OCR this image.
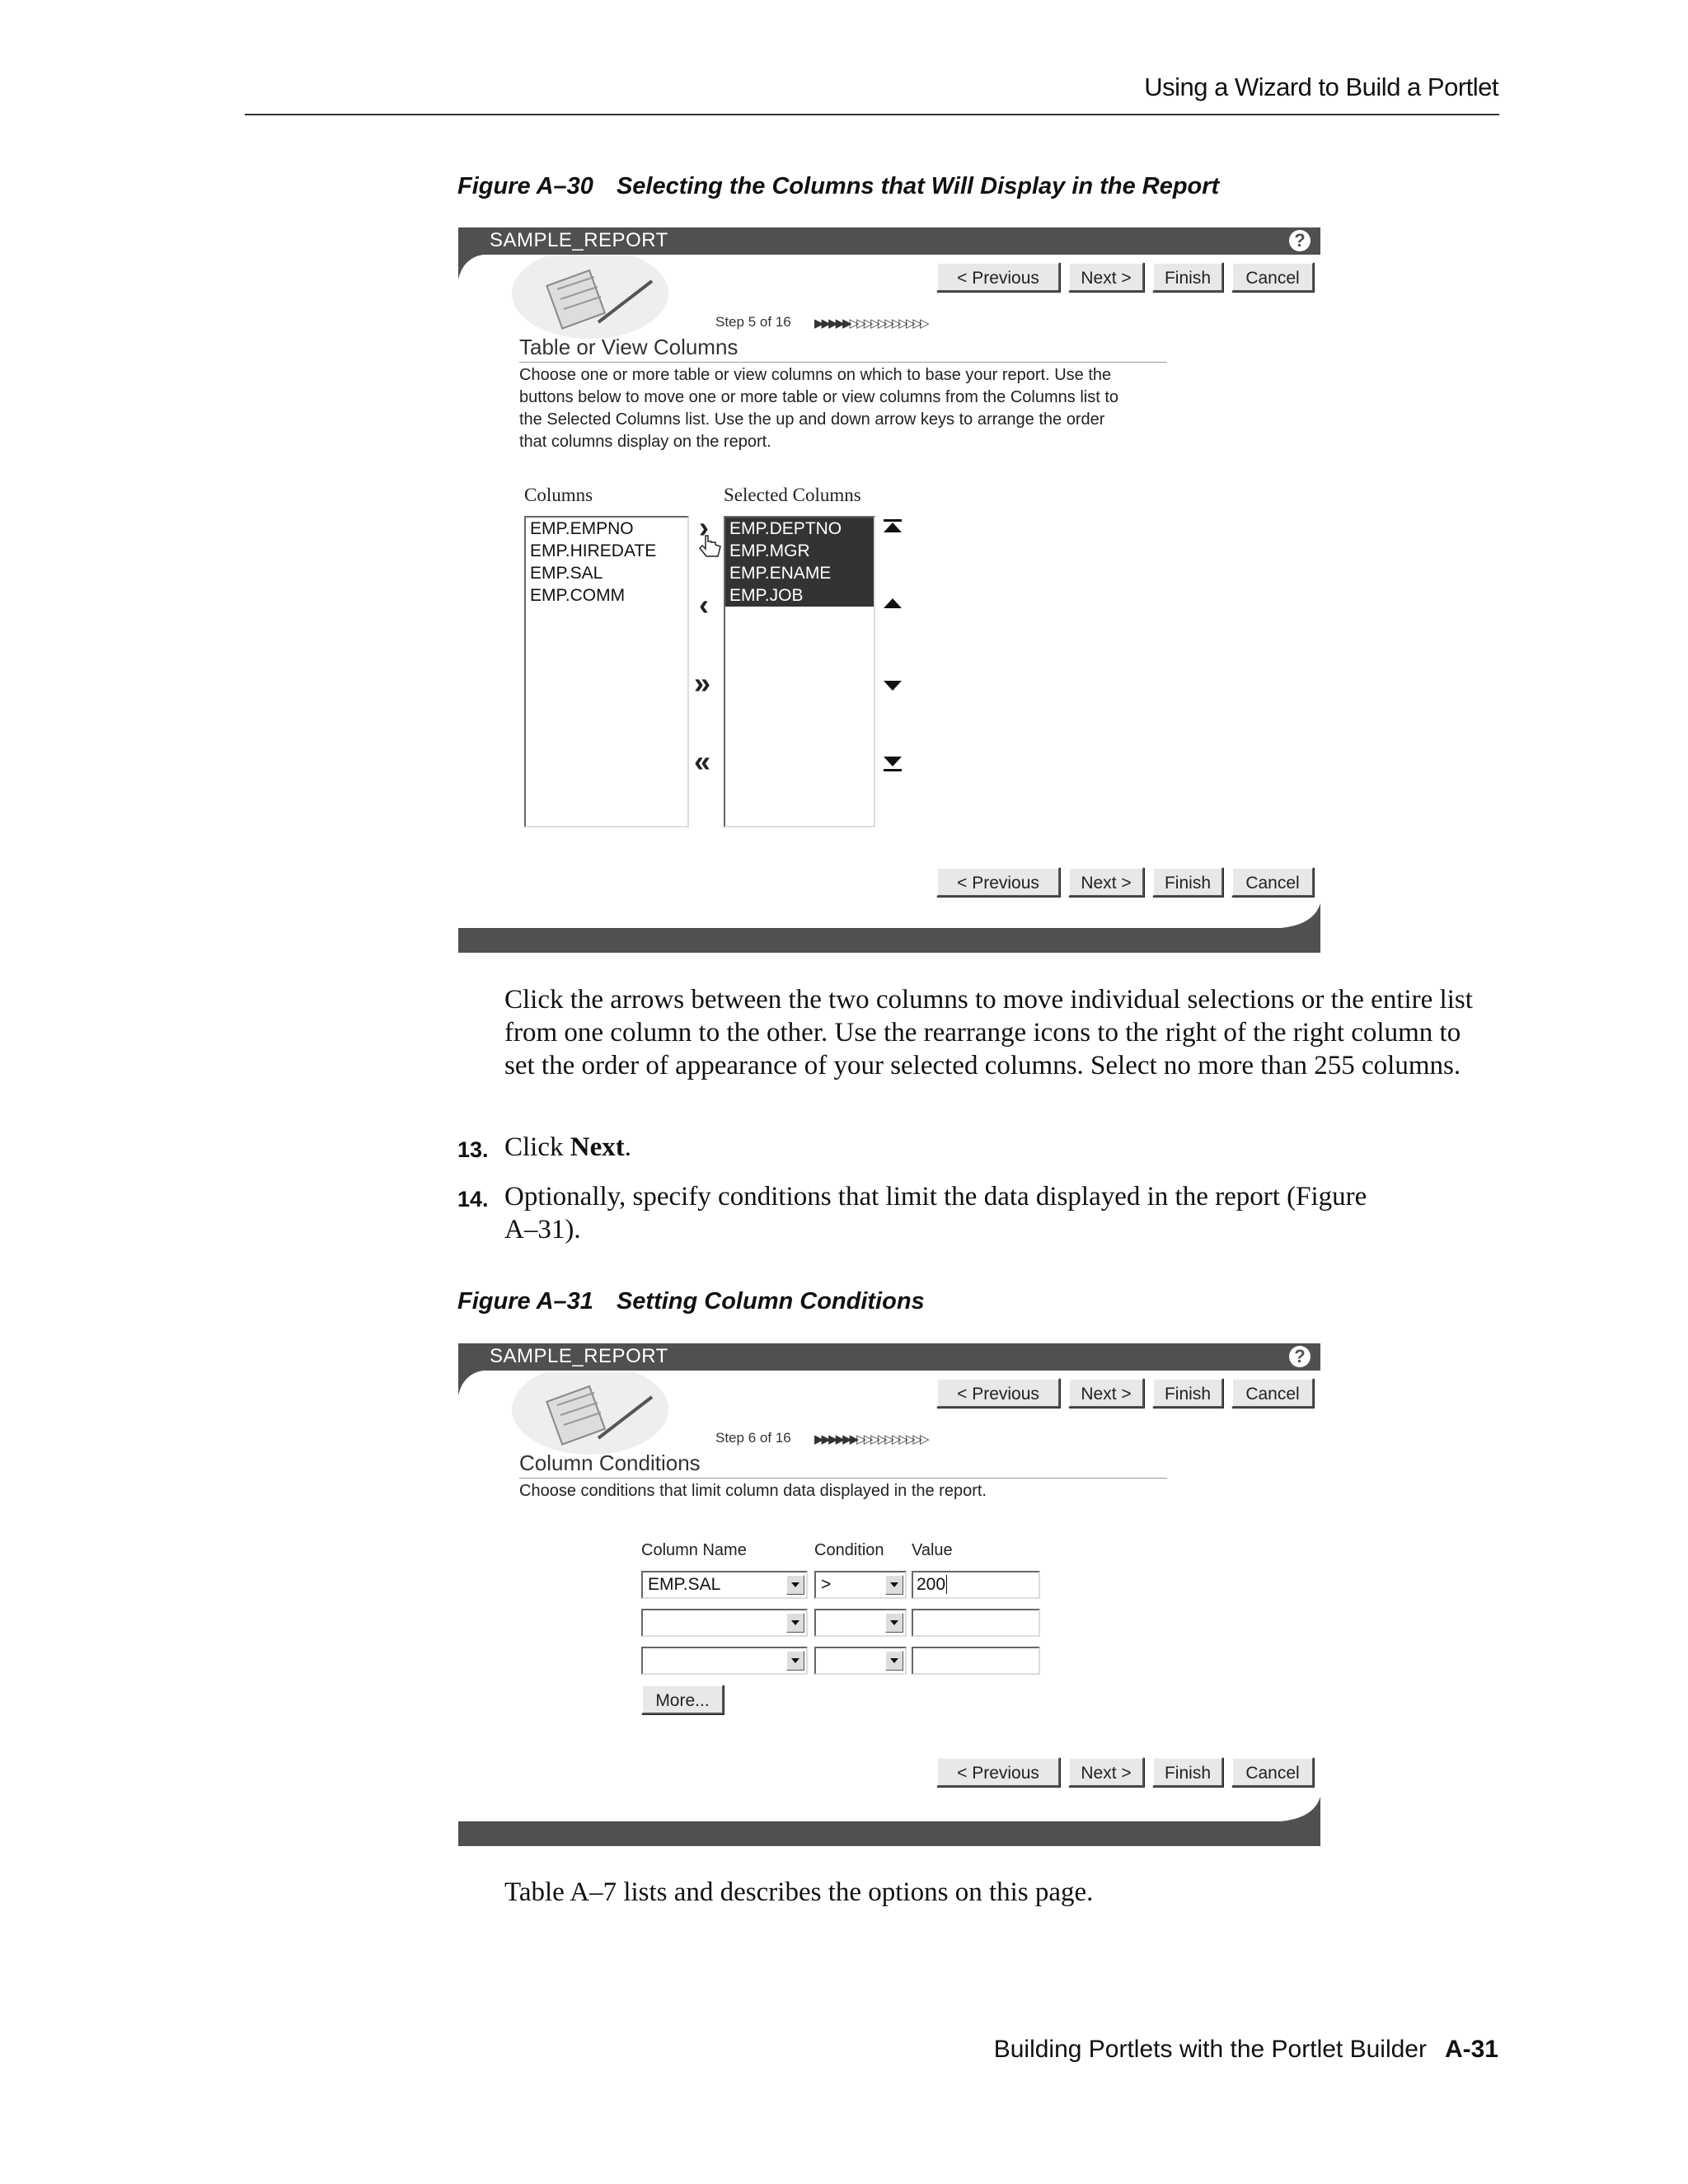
Using a Wizard to Build a Portlet
Figure A–30 Selecting the Columns that Will Display in the Report
SAMPLE_REPORT	?
< Previous	Next >	Finish	Cancel
Step 5 of 16 ▶▶▶▶▶▷▷▷▷▷▷▷▷▷▷▷
Table or View Columns
Choose one or more table or view columns on which to base your report. Use the
buttons below to move one or more table or view columns from the Columns list to
the Selected Columns list. Use the up and down arrow keys to arrange the order
that columns display on the report.
Columns	Selected Columns
EMP.EMPNO
EMP.HIREDATE
EMP.SAL
EMP.COMM
›
‹
»
«
EMP.DEPTNO
EMP.MGR
EMP.ENAME
EMP.JOB
< Previous	Next >	Finish	Cancel
Click the arrows between the two columns to move individual selections or the entire list from one column to the other. Use the rearrange icons to the right of the right column to set the order of appearance of your selected columns. Select no more than 255 columns.
13. Click Next.
14. Optionally, specify conditions that limit the data displayed in the report (Figure A–31).
Figure A–31 Setting Column Conditions
SAMPLE_REPORT	?
< Previous	Next >	Finish	Cancel
Step 6 of 16 ▶▶▶▶▶▶▷▷▷▷▷▷▷▷▷▷
Column Conditions
Choose conditions that limit column data displayed in the report.
Column Name	Condition Value
EMP.SAL	>	200
More...
< Previous	Next >	Finish	Cancel
Table A–7 lists and describes the options on this page.
Building Portlets with the Portlet Builder A-31
